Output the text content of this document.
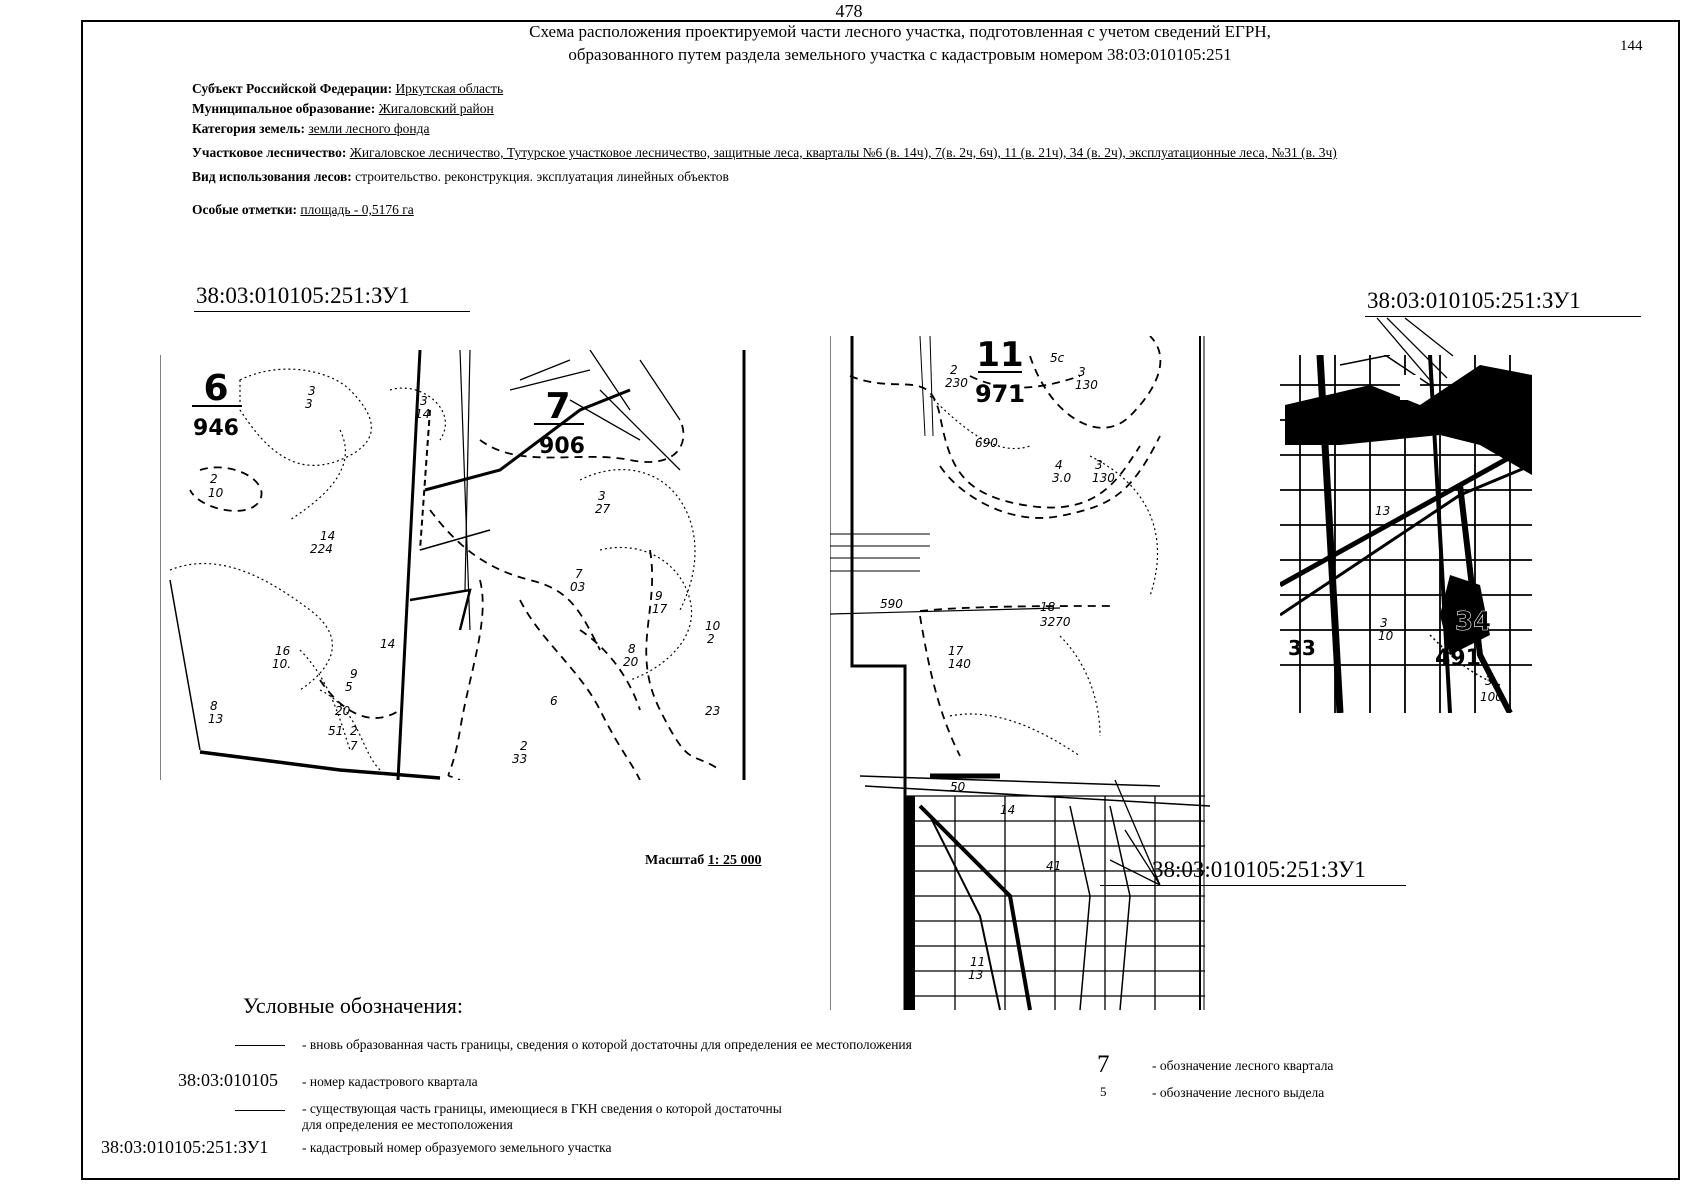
478
144
Схема расположения проектируемой части лесного участка, подготовленная с учетом сведений ЕГРН,
образованного путем раздела земельного участка с кадастровым номером 38:03:010105:251
Субъект Российской Федерации: Иркутская область
Муниципальное образование: Жигаловский район
Категория земель: земли лесного фонда
Участковое лесничество: Жигаловское лесничество, Тутурское участковое лесничество, защитные леса, кварталы №6 (в. 14ч), 7(в. 2ч, 6ч), 11 (в. 21ч), 34 (в. 2ч), эксплуатационные леса, №31 (в. 3ч)
Вид использования лесов: строительство. реконструкция. эксплуатация линейных объектов
Особые отметки: площадь - 0,5176 га
38:03:010105:251:ЗУ1	38:03:010105:251:ЗУ1
3
3
2
10
14
224
16
10.
9
5
20
51 2
7
14
8
13
3
27
7
03
9
17
8
20
10
2
6
2
33
23
3
14
6
946
7
906
5c
3
130
2
230
690
4
3.0
3
130
590	18
3270
17
140
50
14
41
11
13
11
971
38:03:010105:251:ЗУ1
13
3
10
3
100
33
34
491
Масштаб 1: 25 000
Условные обозначения:
- вновь образованная часть границы, сведения о которой достаточны для определения ее местоположения
38:03:010105 - номер кадастрового квартала
- существующая часть границы, имеющиеся в ГКН сведения о которой достаточны
для определения ее местоположения
38:03:010105:251:ЗУ1 - кадастровый номер образуемого земельного участка
7	- обозначение лесного квартала
5	- обозначение лесного выдела
